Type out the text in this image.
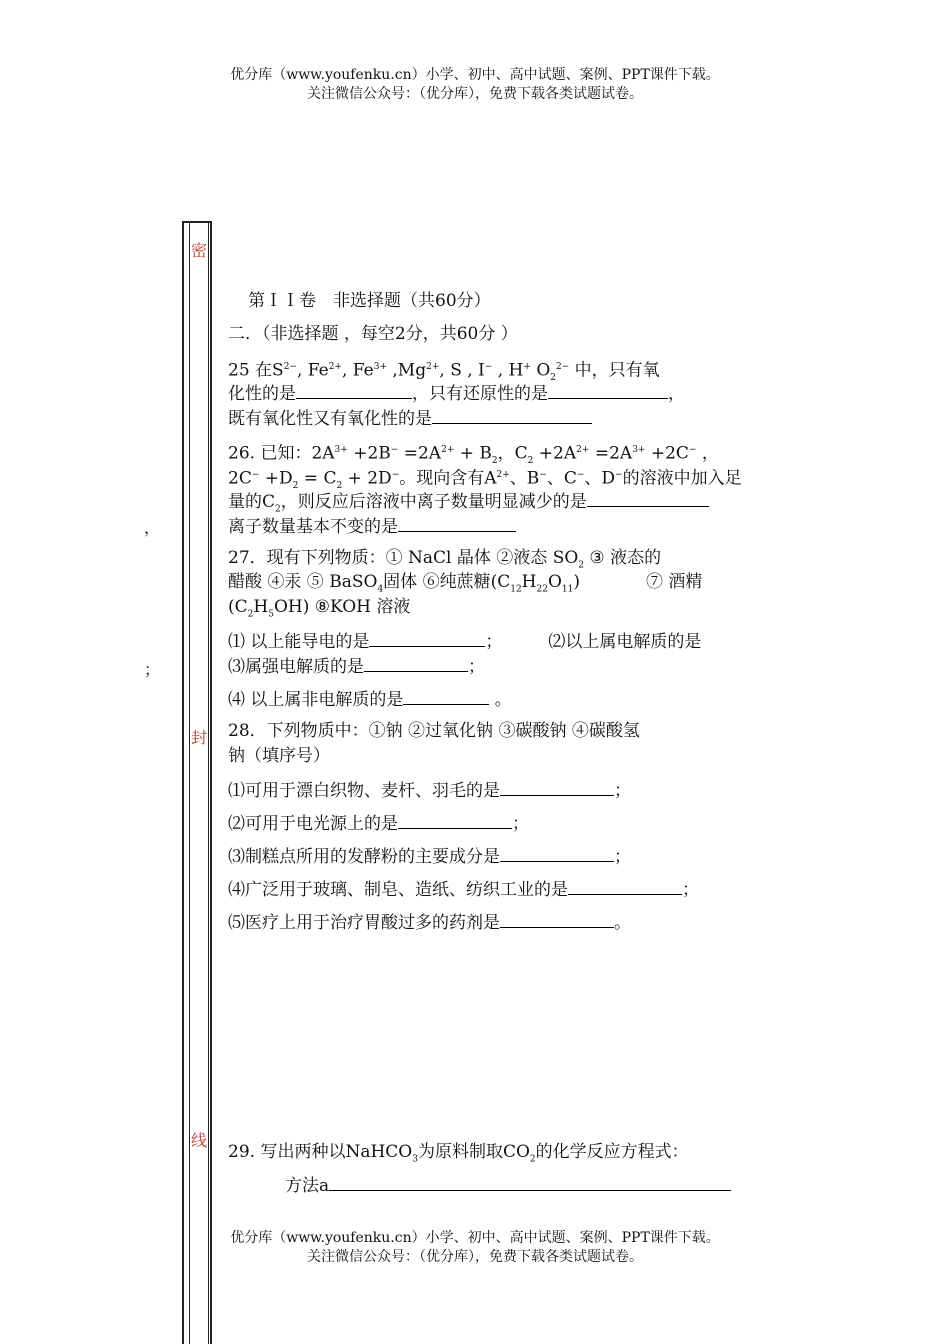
优分库（www.youfenku.cn）小学、初中、高中试题、案例、PPT课件下载。
关注微信公众号：（优分库），免费下载各类试题试卷。
密
封
线
，
；
第ＩＩ卷　非选择题（共60分）
二．（非选择题 ，每空2分，共60分 ）
25 在$S^{2-}$, $Fe^{2+}$, $Fe^{3+}$ $,Mg^{2+}$, S , I− , H+ $O_2^{2-}$ 中，只有氧
化性的是	，只有还原性的是	，
既有氧化性又有氧化性的是
26. 已知：$2A^{3+} +2B^- =2A^{2+} + B_2$，$C_2 +2A^{2+} =2A^{3+} +2C^-$ ，
$2C^- +D_2 = C_2 + 2D^-$。现向含有$A^{2+}$、B−、C−、D−的溶液中加入足
量的$C_2$，则反应后溶液中离子数量明显减少的是
离子数量基本不变的是
27．现有下列物质：① NaCl 晶体 ②液态 $SO_2$ ③ 液态的
醋酸 ④汞 ⑤ BaSO$_4$固体 ⑥纯蔗糖$(C_{12}H_{22}O_{11})$	⑦ 酒精
$(C_2H_5OH)$ ⑧KOH 溶液
⑴ 以上能导电的是	；	⑵以上属电解质的是
⑶属强电解质的是	；
⑷ 以上属非电解质的是	。
28．下列物质中：①钠 ②过氧化钠 ③碳酸钠 ④碳酸氢
钠（填序号）
⑴可用于漂白织物、麦杆、羽毛的是	；
⑵可用于电光源上的是	；
⑶制糕点所用的发酵粉的主要成分是	；
⑷广泛用于玻璃、制皂、造纸、纺织工业的是	；
⑸医疗上用于治疗胃酸过多的药剂是	。
29. 写出两种以NaHCO$_3$为原料制取$CO_2$的化学反应方程式：
方法a
优分库（www.youfenku.cn）小学、初中、高中试题、案例、PPT课件下载。
关注微信公众号：（优分库），免费下载各类试题试卷。
